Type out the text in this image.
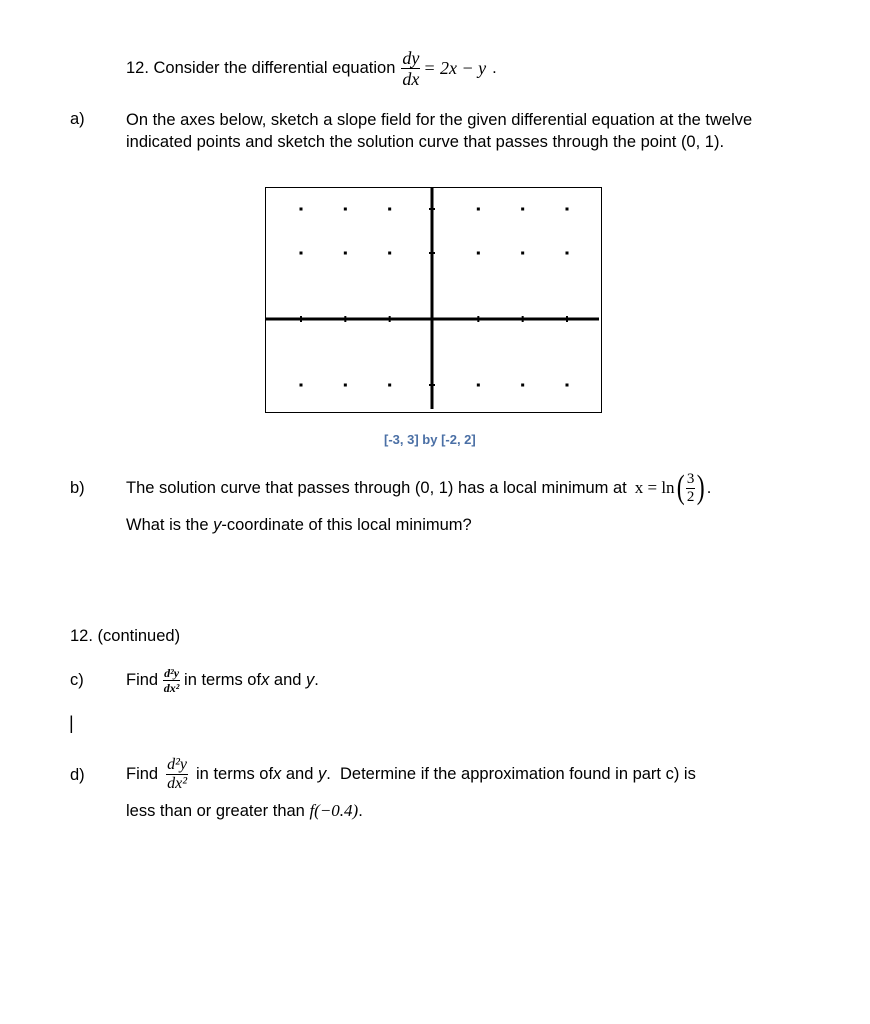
12. Consider the differential equation $\frac{dy}{dx} = 2x - y$ .
a)	On the axes below, sketch a slope field for the given differential equation at the twelve indicated points and sketch the solution curve that passes through the point (0, 1).
[-3, 3] by [-2, 2]
b)	The solution curve that passes through (0, 1) has a local minimum at x = ln ( $\frac{3}{2}$ ) .
What is the y-coordinate of this local minimum?
12. (continued)
c)	Find $\frac{\text{d²y}}{\text{dx²}}$ in terms of x and y .
|
d)	Find $\frac{\text{d²y}}{\text{dx²}}$ in terms of x and y .  Determine if the approximation found in part c) is
less than or greater than f(−0.4).
